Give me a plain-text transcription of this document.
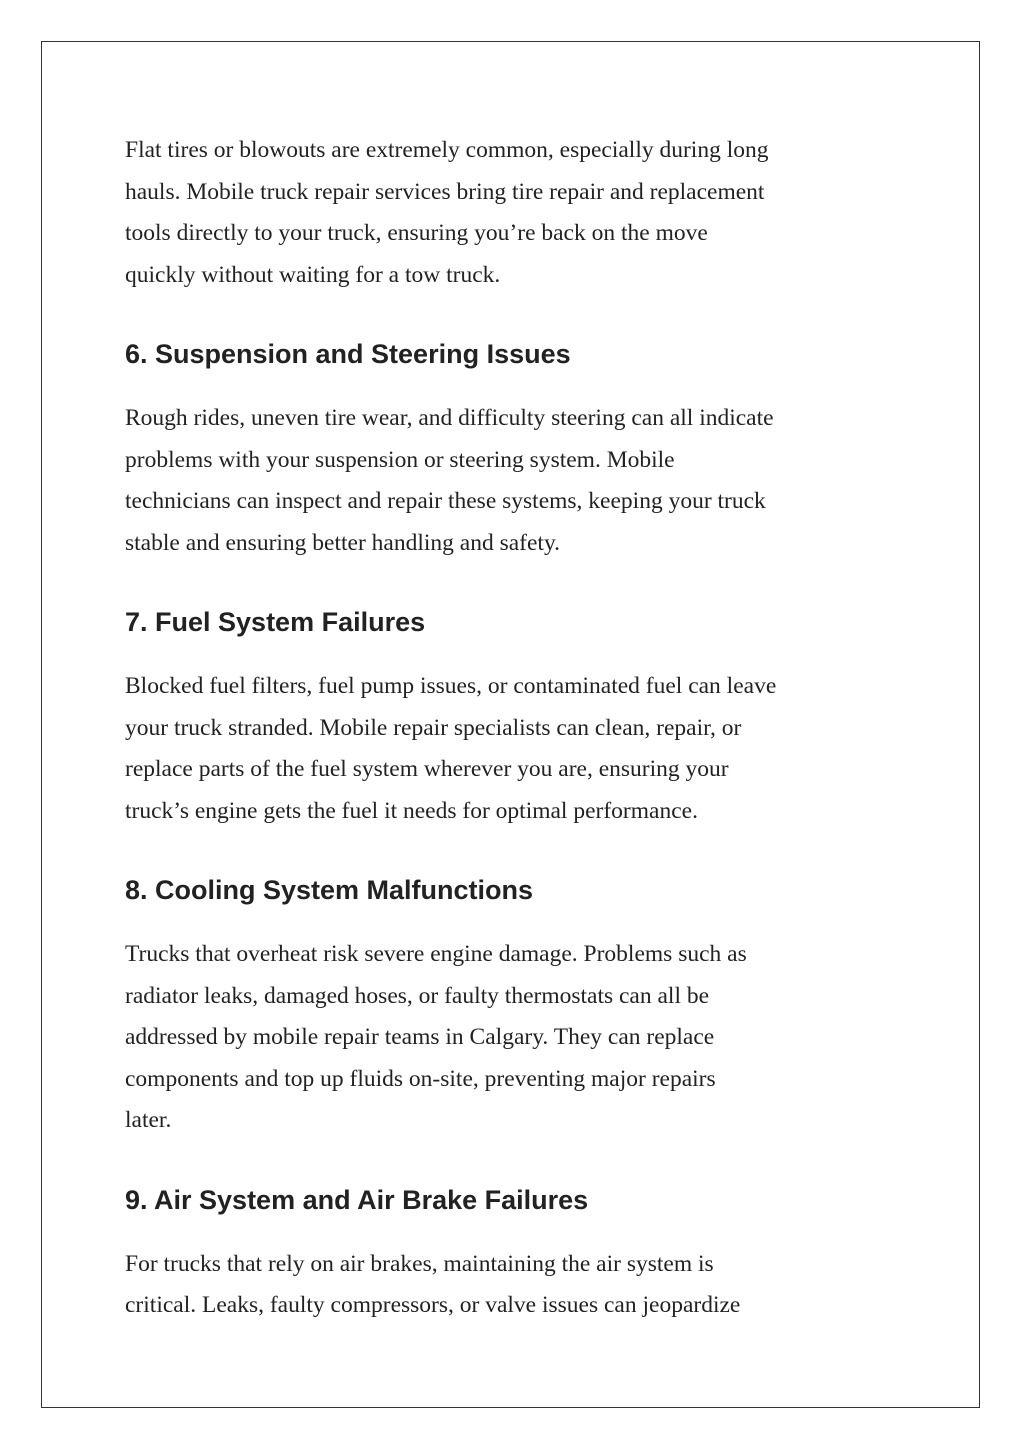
Flat tires or blowouts are extremely common, especially during long
hauls. Mobile truck repair services bring tire repair and replacement
tools directly to your truck, ensuring you’re back on the move
quickly without waiting for a tow truck.

6. Suspension and Steering Issues

Rough rides, uneven tire wear, and difficulty steering can all indicate
problems with your suspension or steering system. Mobile
technicians can inspect and repair these systems, keeping your truck
stable and ensuring better handling and safety.

7. Fuel System Failures

Blocked fuel filters, fuel pump issues, or contaminated fuel can leave
your truck stranded. Mobile repair specialists can clean, repair, or
replace parts of the fuel system wherever you are, ensuring your
truck’s engine gets the fuel it needs for optimal performance.

8. Cooling System Malfunctions

Trucks that overheat risk severe engine damage. Problems such as
radiator leaks, damaged hoses, or faulty thermostats can all be
addressed by mobile repair teams in Calgary. They can replace
components and top up fluids on-site, preventing major repairs
later.

9. Air System and Air Brake Failures

For trucks that rely on air brakes, maintaining the air system is
critical. Leaks, faulty compressors, or valve issues can jeopardize
